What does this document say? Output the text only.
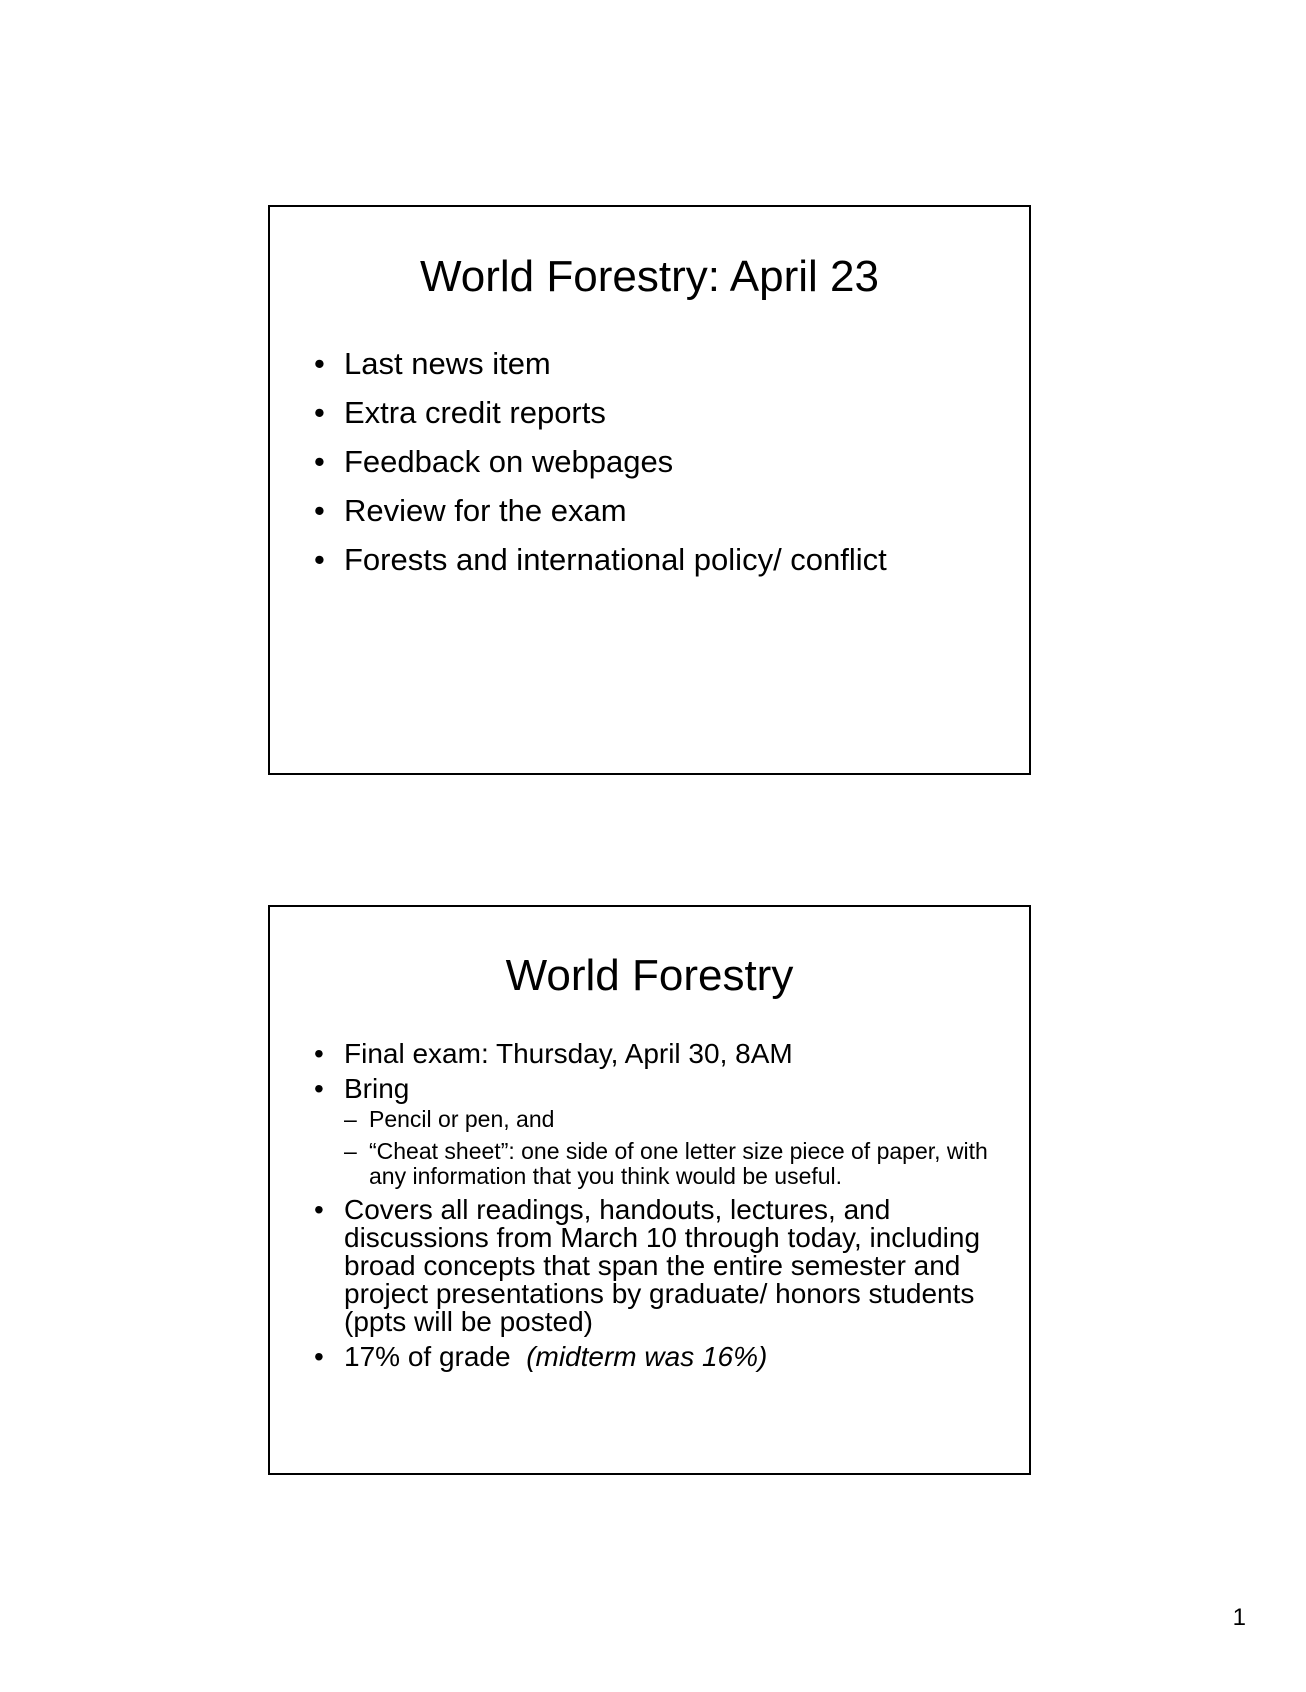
World Forestry: April 23
• Last news item
• Extra credit reports
• Feedback on webpages
• Review for the exam
• Forests and international policy/ conflict
World Forestry
• Final exam: Thursday, April 30, 8AM
• Bring
– Pencil or pen, and
– “Cheat sheet”: one side of one letter size piece of paper, with any information that you think would be useful.
• Covers all readings, handouts, lectures, and discussions from March 10 through today, including broad concepts that span the entire semester and project presentations by graduate/ honors students (ppts will be posted)
• 17% of grade (midterm was 16%)
1
